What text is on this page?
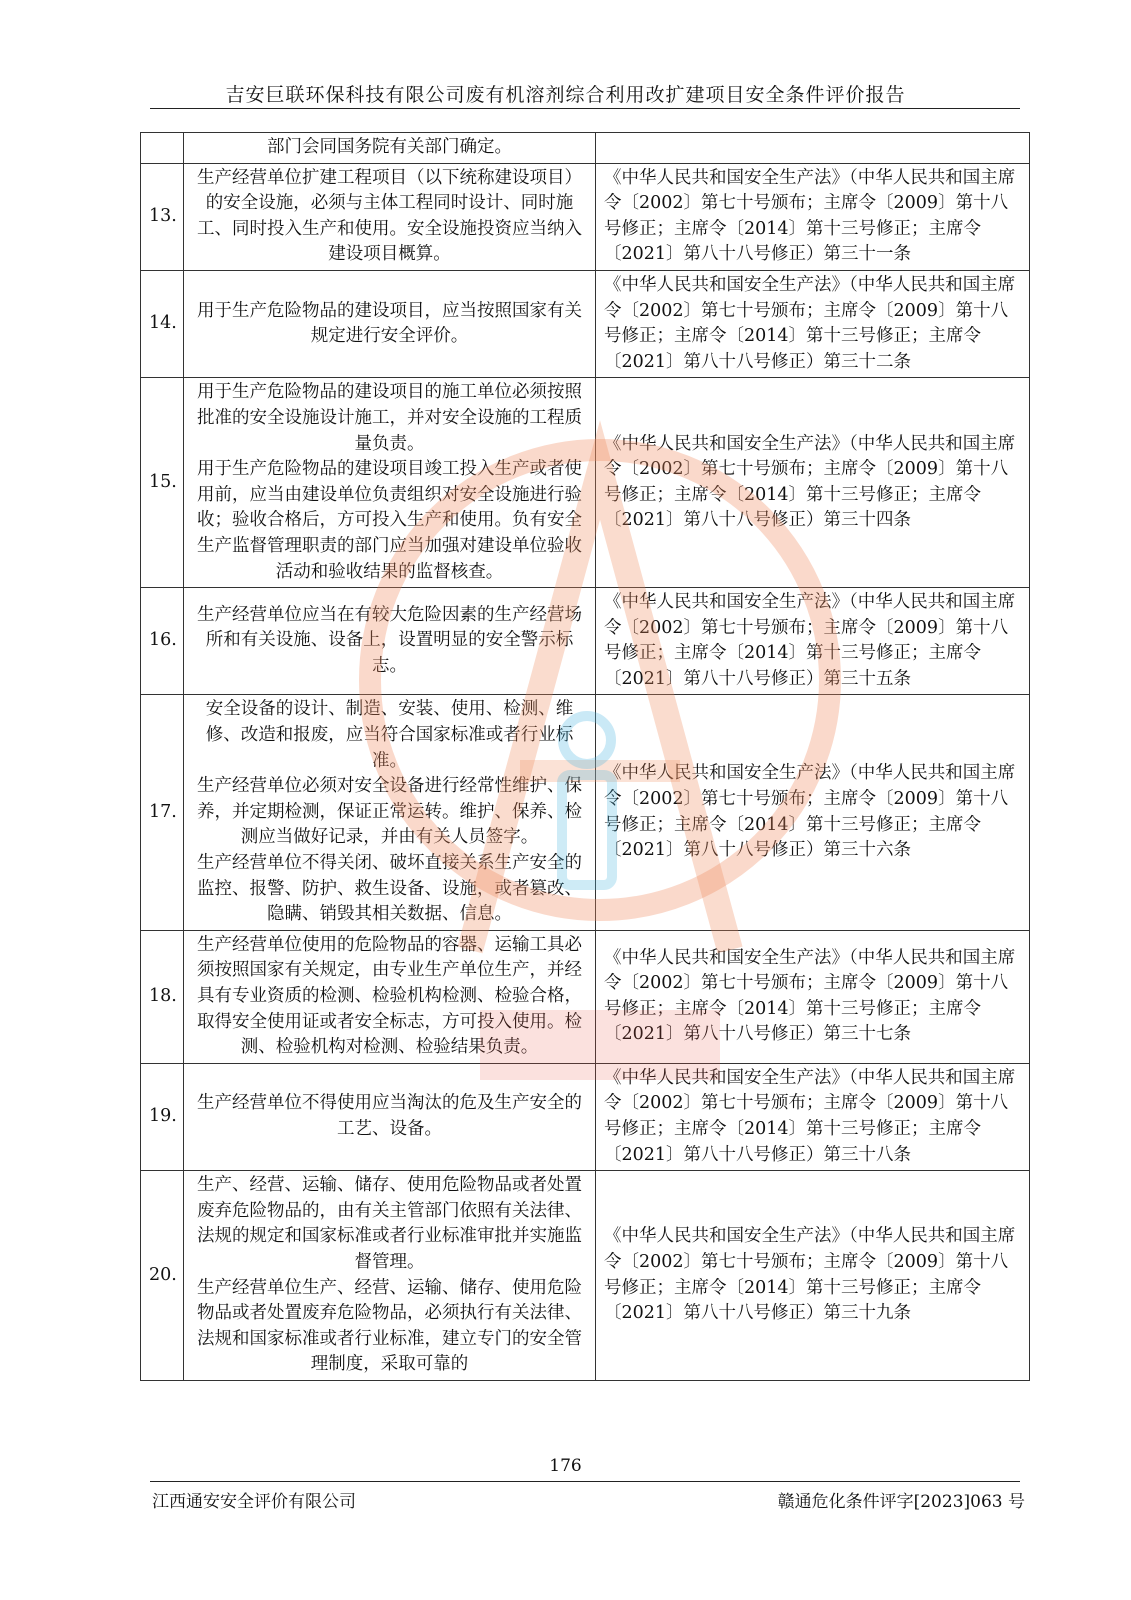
吉安巨联环保科技有限公司废有机溶剂综合利用改扩建项目安全条件评价报告

	部门会同国务院有关部门确定。	

13.	生产经营单位扩建工程项目（以下统称建设项目）的安全设施，必须与主体工程同时设计、同时施工、同时投入生产和使用。安全设施投资应当纳入建设项目概算。	《中华人民共和国安全生产法》（中华人民共和国主席令〔2002〕第七十号颁布；主席令〔2009〕第十八号修正；主席令〔2014〕第十三号修正；主席令〔2021〕第八十八号修正）第三十一条
14.	用于生产危险物品的建设项目，应当按照国家有关规定进行安全评价。	《中华人民共和国安全生产法》（中华人民共和国主席令〔2002〕第七十号颁布；主席令〔2009〕第十八号修正；主席令〔2014〕第十三号修正；主席令〔2021〕第八十八号修正）第三十二条
15.	用于生产危险物品的建设项目的施工单位必须按照批准的安全设施设计施工，并对安全设施的工程质量负责。
用于生产危险物品的建设项目竣工投入生产或者使用前，应当由建设单位负责组织对安全设施进行验收；验收合格后，方可投入生产和使用。负有安全生产监督管理职责的部门应当加强对建设单位验收活动和验收结果的监督核查。	《中华人民共和国安全生产法》（中华人民共和国主席令〔2002〕第七十号颁布；主席令〔2009〕第十八号修正；主席令〔2014〕第十三号修正；主席令〔2021〕第八十八号修正）第三十四条
16.	生产经营单位应当在有较大危险因素的生产经营场所和有关设施、设备上，设置明显的安全警示标志。	《中华人民共和国安全生产法》（中华人民共和国主席令〔2002〕第七十号颁布；主席令〔2009〕第十八号修正；主席令〔2014〕第十三号修正；主席令〔2021〕第八十八号修正）第三十五条
17.	安全设备的设计、制造、安装、使用、检测、维修、改造和报废，应当符合国家标准或者行业标准。
生产经营单位必须对安全设备进行经常性维护、保养，并定期检测，保证正常运转。维护、保养、检测应当做好记录，并由有关人员签字。
生产经营单位不得关闭、破坏直接关系生产安全的监控、报警、防护、救生设备、设施，或者篡改、隐瞒、销毁其相关数据、信息。	《中华人民共和国安全生产法》（中华人民共和国主席令〔2002〕第七十号颁布；主席令〔2009〕第十八号修正；主席令〔2014〕第十三号修正；主席令〔2021〕第八十八号修正）第三十六条
18.	生产经营单位使用的危险物品的容器、运输工具必须按照国家有关规定，由专业生产单位生产，并经具有专业资质的检测、检验机构检测、检验合格，取得安全使用证或者安全标志，方可投入使用。检测、检验机构对检测、检验结果负责。	《中华人民共和国安全生产法》（中华人民共和国主席令〔2002〕第七十号颁布；主席令〔2009〕第十八号修正；主席令〔2014〕第十三号修正；主席令〔2021〕第八十八号修正）第三十七条
19.	生产经营单位不得使用应当淘汰的危及生产安全的工艺、设备。	《中华人民共和国安全生产法》（中华人民共和国主席令〔2002〕第七十号颁布；主席令〔2009〕第十八号修正；主席令〔2014〕第十三号修正；主席令〔2021〕第八十八号修正）第三十八条
20.	生产、经营、运输、储存、使用危险物品或者处置废弃危险物品的，由有关主管部门依照有关法律、法规的规定和国家标准或者行业标准审批并实施监督管理。
生产经营单位生产、经营、运输、储存、使用危险物品或者处置废弃危险物品，必须执行有关法律、法规和国家标准或者行业标准，建立专门的安全管理制度，采取可靠的	《中华人民共和国安全生产法》（中华人民共和国主席令〔2002〕第七十号颁布；主席令〔2009〕第十八号修正；主席令〔2014〕第十三号修正；主席令〔2021〕第八十八号修正）第三十九条
176
江西通安安全评价有限公司	赣通危化条件评字[2023]063 号
